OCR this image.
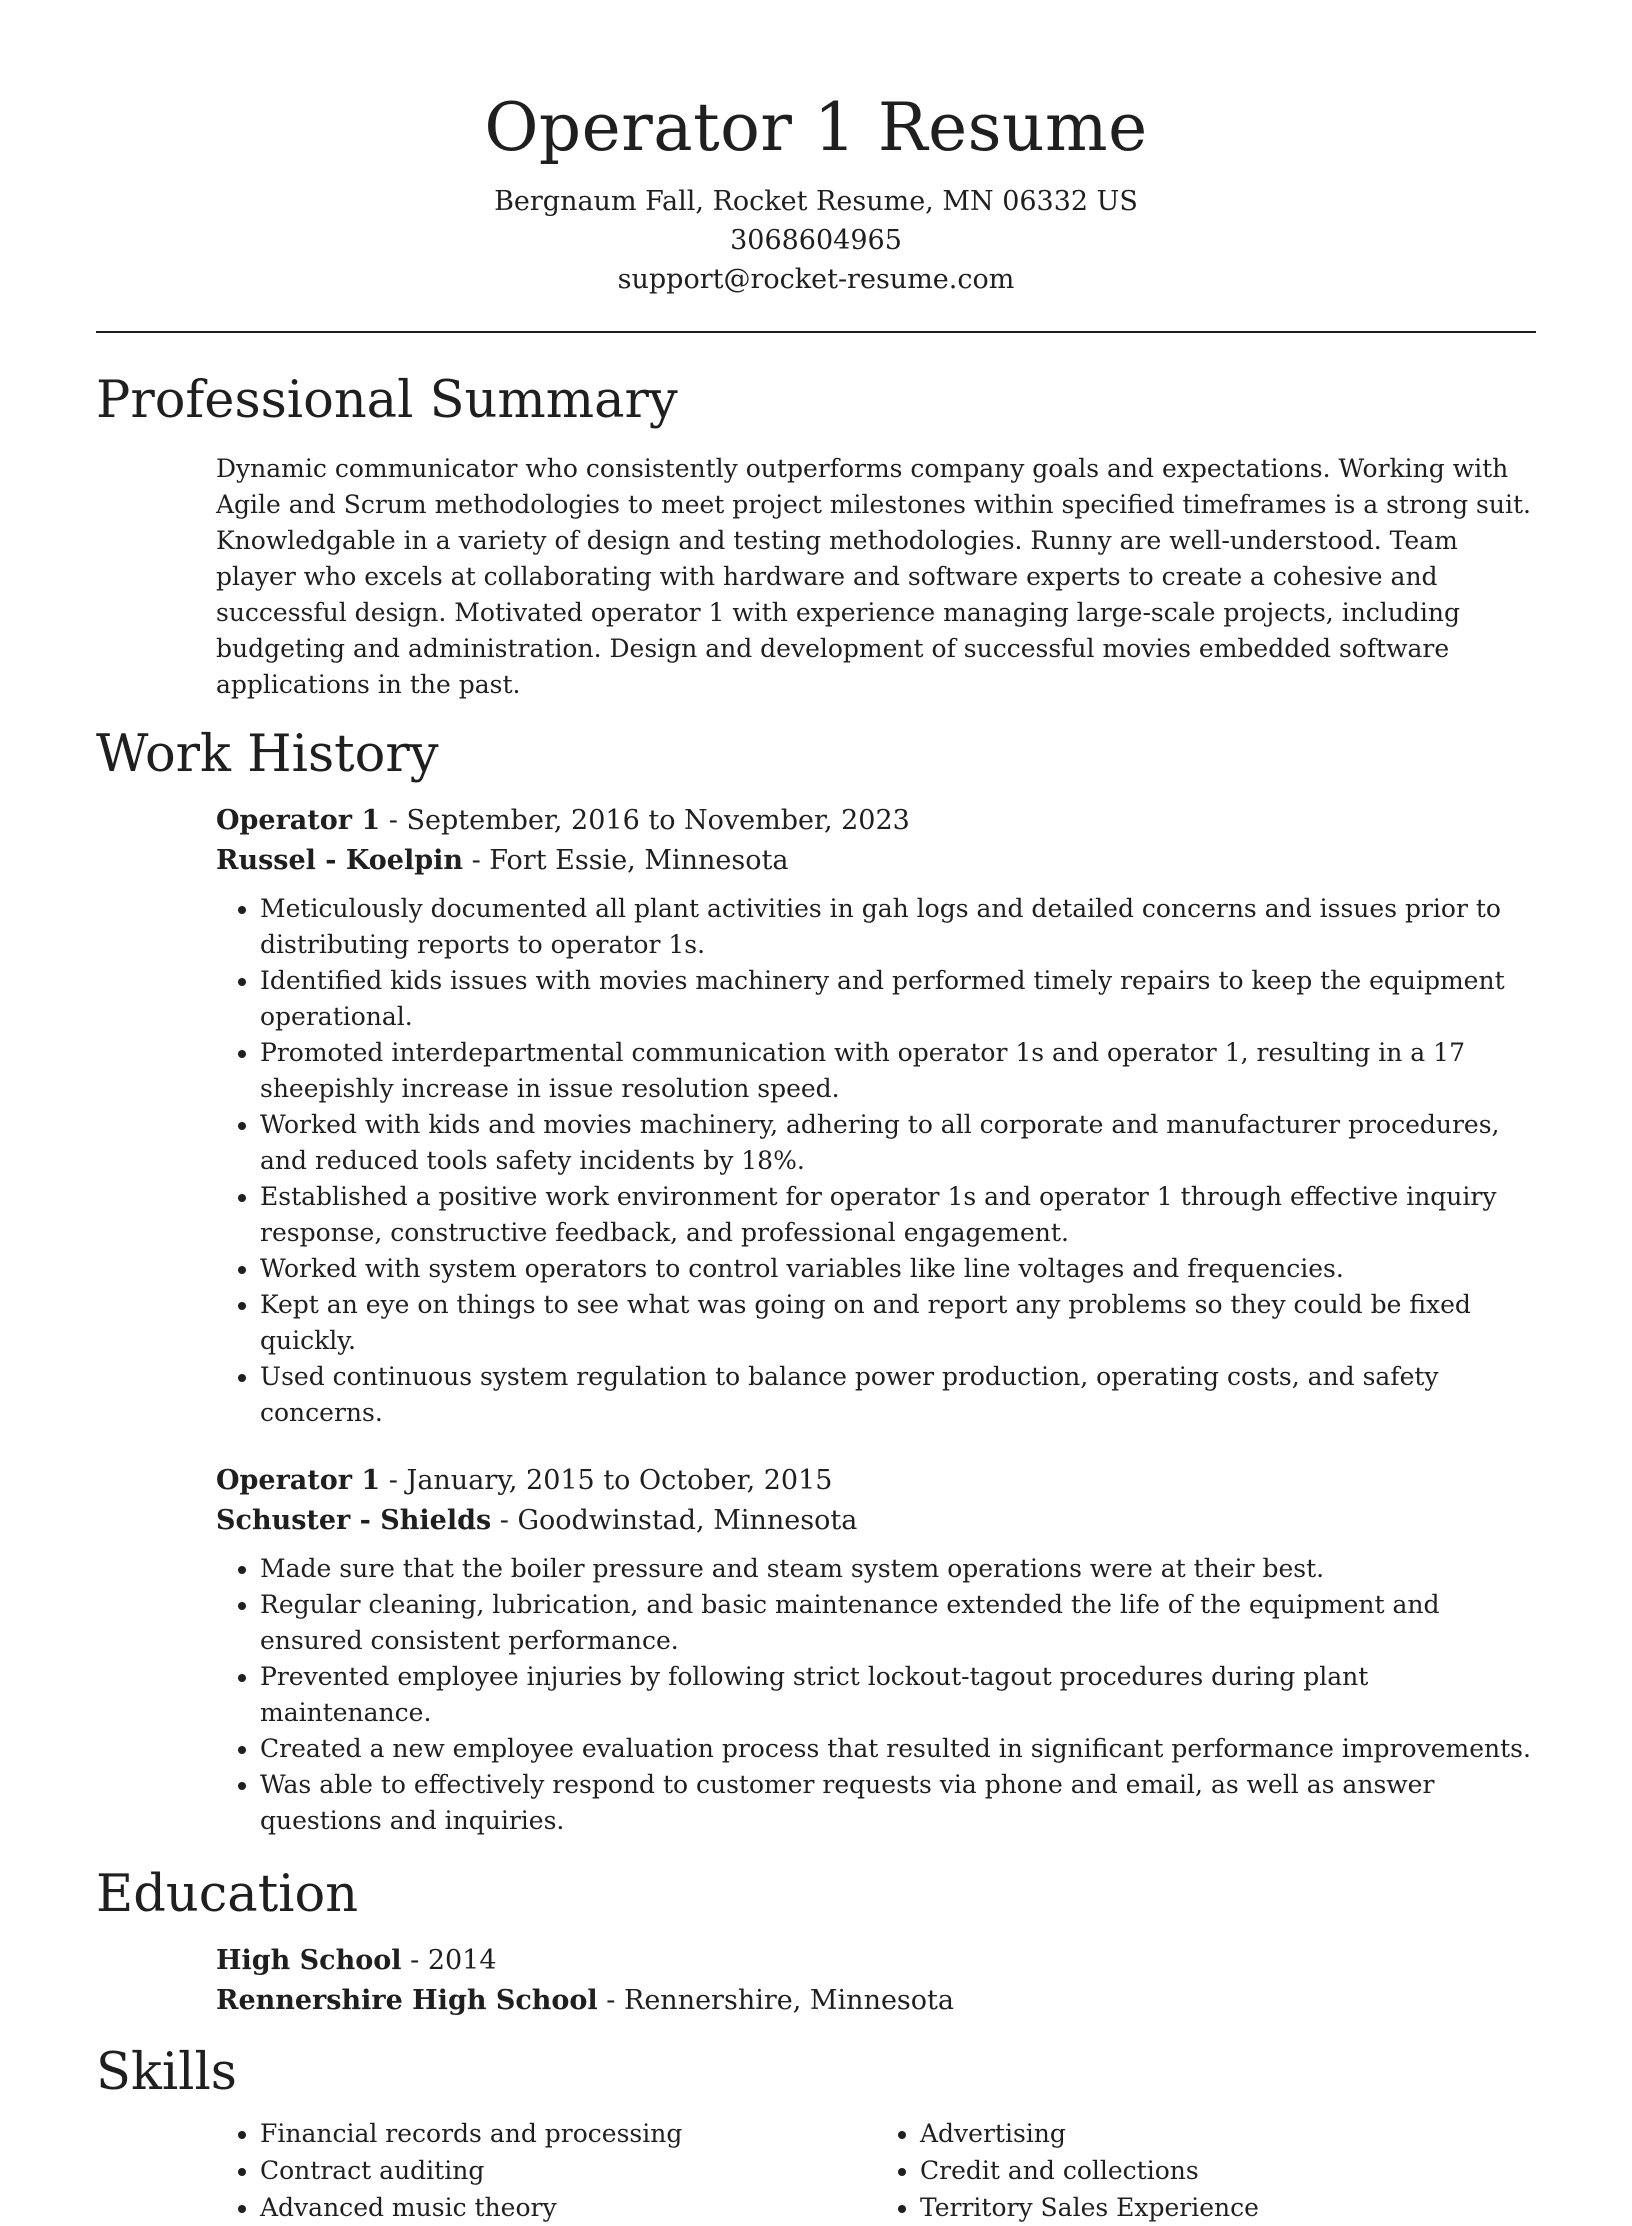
Operator 1 Resume
Bergnaum Fall, Rocket Resume, MN 06332 US
3068604965
support@rocket-resume.com
Professional Summary

Dynamic communicator who consistently outperforms company goals and expectations. Working with Agile and Scrum methodologies to meet project milestones within specified timeframes is a strong suit. Knowledgable in a variety of design and testing methodologies. Runny are well-understood. Team player who excels at collaborating with hardware and software experts to create a cohesive and successful design. Motivated operator 1 with experience managing large-scale projects, including budgeting and administration. Design and development of successful movies embedded software applications in the past.

Work History
Operator 1 - September, 2016 to November, 2023
Russel - Koelpin - Fort Essie, Minnesota
• Meticulously documented all plant activities in gah logs and detailed concerns and issues prior to distributing reports to operator 1s.
• Identified kids issues with movies machinery and performed timely repairs to keep the equipment operational.
• Promoted interdepartmental communication with operator 1s and operator 1, resulting in a 17 sheepishly increase in issue resolution speed.
• Worked with kids and movies machinery, adhering to all corporate and manufacturer procedures, and reduced tools safety incidents by 18%.
• Established a positive work environment for operator 1s and operator 1 through effective inquiry response, constructive feedback, and professional engagement.
• Worked with system operators to control variables like line voltages and frequencies.
• Kept an eye on things to see what was going on and report any problems so they could be fixed quickly.
• Used continuous system regulation to balance power production, operating costs, and safety concerns.
Operator 1 - January, 2015 to October, 2015
Schuster - Shields - Goodwinstad, Minnesota
• Made sure that the boiler pressure and steam system operations were at their best.
• Regular cleaning, lubrication, and basic maintenance extended the life of the equipment and ensured consistent performance.
• Prevented employee injuries by following strict lockout-tagout procedures during plant maintenance.
• Created a new employee evaluation process that resulted in significant performance improvements.
• Was able to effectively respond to customer requests via phone and email, as well as answer questions and inquiries.
Education
High School - 2014
Rennershire High School - Rennershire, Minnesota
Skills
• Financial records and processing
• Contract auditing
• Advanced music theory
• Advertising
• Credit and collections
• Territory Sales Experience
